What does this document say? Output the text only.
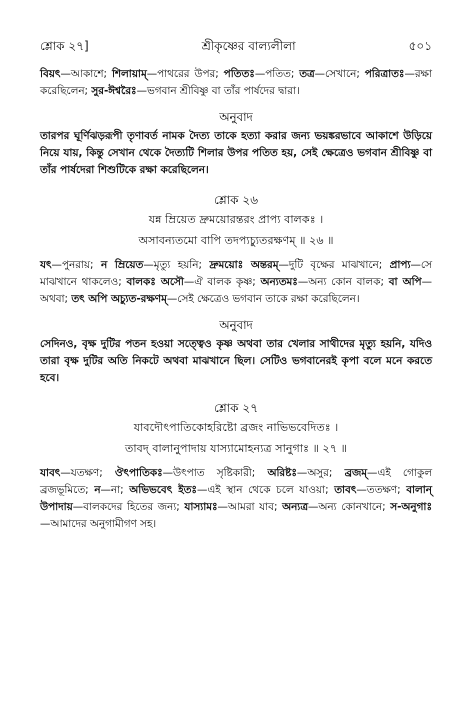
শ্লোক ২৭]	শ্রীকৃষ্ণের বাল্যলীলা	৫০১

বিয়ৎ—আকাশে; শিলায়াম্—পাথরের উপর; পতিতঃ—পতিত; তত্র—সেখানে; পরিত্রাতঃ—রক্ষা করেছিলেন; সুর-ঈশ্বরৈঃ—ভগবান শ্রীবিষ্ণু বা তাঁর পার্ষদের দ্বারা।

অনুবাদ

তারপর ঘূর্ণিঝড়রূপী তৃণাবর্ত নামক দৈত্য তাকে হত্যা করার জন্য ভয়ঙ্করভাবে আকাশে উড়িয়ে নিয়ে যায়, কিন্তু সেখান থেকে দৈত্যটি শিলার উপর পতিত হয়, সেই ক্ষেত্রেও ভগবান শ্রীবিষ্ণু বা তাঁর পার্ষদেরা শিশুটিকে রক্ষা করেছিলেন।

শ্লোক ২৬
যন্ন ম্রিয়েত দ্রুময়োরন্তরং প্রাপ্য বালকঃ ।
অসাবন্যতমো বাপি তদপ্যচ্যুতরক্ষণম্ ॥ ২৬ ॥

যৎ—পুনরায়; ন ম্রিয়েত—মৃত্যু হয়নি; দ্রুময়োঃ অন্তরম্—দুটি বৃক্ষের মাঝখানে; প্রাপ্য—সে মাঝখানে থাকলেও; বালকঃ অসৌ—ঐ বালক কৃষ্ণ; অন্যতমঃ—অন্য কোন বালক; বা অপি—অথবা; তৎ অপি অচ্যুত-রক্ষণম্—সেই ক্ষেত্রেও ভগবান তাকে রক্ষা করেছিলেন।

অনুবাদ

সেদিনও, বৃক্ষ দুটির পতন হওয়া সত্ত্বেও কৃষ্ণ অথবা তার খেলার সাথীদের মৃত্যু হয়নি, যদিও তারা বৃক্ষ দুটির অতি নিকটে অথবা মাঝখানে ছিল। সেটিও ভগবানেরই কৃপা বলে মনে করতে হবে।

শ্লোক ২৭
যাবদৌৎপাতিকোহরিষ্টো ব্রজং নাভিভবেদিতঃ ।
তাবদ্ বালানুপাদায় যাস্যামোহন্যত্র সানুগাঃ ॥ ২৭ ॥

যাবৎ—যতক্ষণ; ঔৎপাতিকঃ—উৎপাত সৃষ্টিকারী; অরিষ্টঃ—অসুর; ব্রজম্—এই গোকুল ব্রজভূমিতে; ন—না; অভিভবেৎ ইতঃ—এই স্থান থেকে চলে যাওয়া; তাবৎ—ততক্ষণ; বালান্ উপাদায়—বালকদের হিতের জন্য; যাস্যামঃ—আমরা যাব; অন্যত্র—অন্য কোনখানে; স-অনুগাঃ—আমাদের অনুগামীগণ সহ।
